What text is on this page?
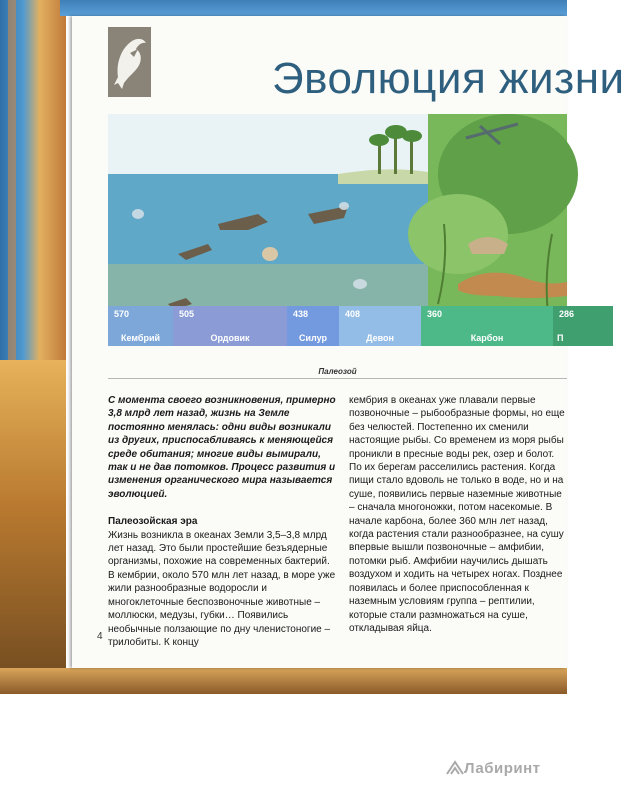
Эволюция жизни
570
Кембрий
505
Ордовик
438
Силур
408
Девон
360
Карбон
286
П
Палеозой

С момента своего возникновения, примерно 3,8 млрд лет назад, жизнь на Земле постоянно менялась: одни виды возникали из других, приспосабливаясь к меняющейся среде обитания; многие виды вымирали, так и не дав потомков. Процесс развития и изменения органического мира называется эволюцией.

Палеозойская эра

Жизнь возникла в океанах Земли 3,5–3,8 млрд лет назад. Это были простейшие безъядерные организмы, похожие на современных бактерий. В кембрии, около 570 млн лет назад, в море уже жили разнообразные водоросли и многоклеточные беспозвоночные животные – моллюски, медузы, губки… Появились необычные ползающие по дну членистоногие – трилобиты. К концу

кембрия в океанах уже плавали первые позвоночные – рыбообразные формы, но еще без челюстей. Постепенно их сменили настоящие рыбы. Со временем из моря рыбы проникли в пресные воды рек, озер и болот. По их берегам расселились растения. Когда пищи стало вдоволь не только в воде, но и на суше, появились первые наземные животные – сначала многоножки, потом насекомые. В начале карбона, более 360 млн лет назад, когда растения стали разнообразнее, на сушу впервые вышли позвоночные – амфибии, потомки рыб. Амфибии научились дышать воздухом и ходить на четырех ногах. Позднее появилась и более приспособленная к наземным условиям группа – рептилии, которые стали размножаться на суше, откладывая яйца.

4
Лабиринт
